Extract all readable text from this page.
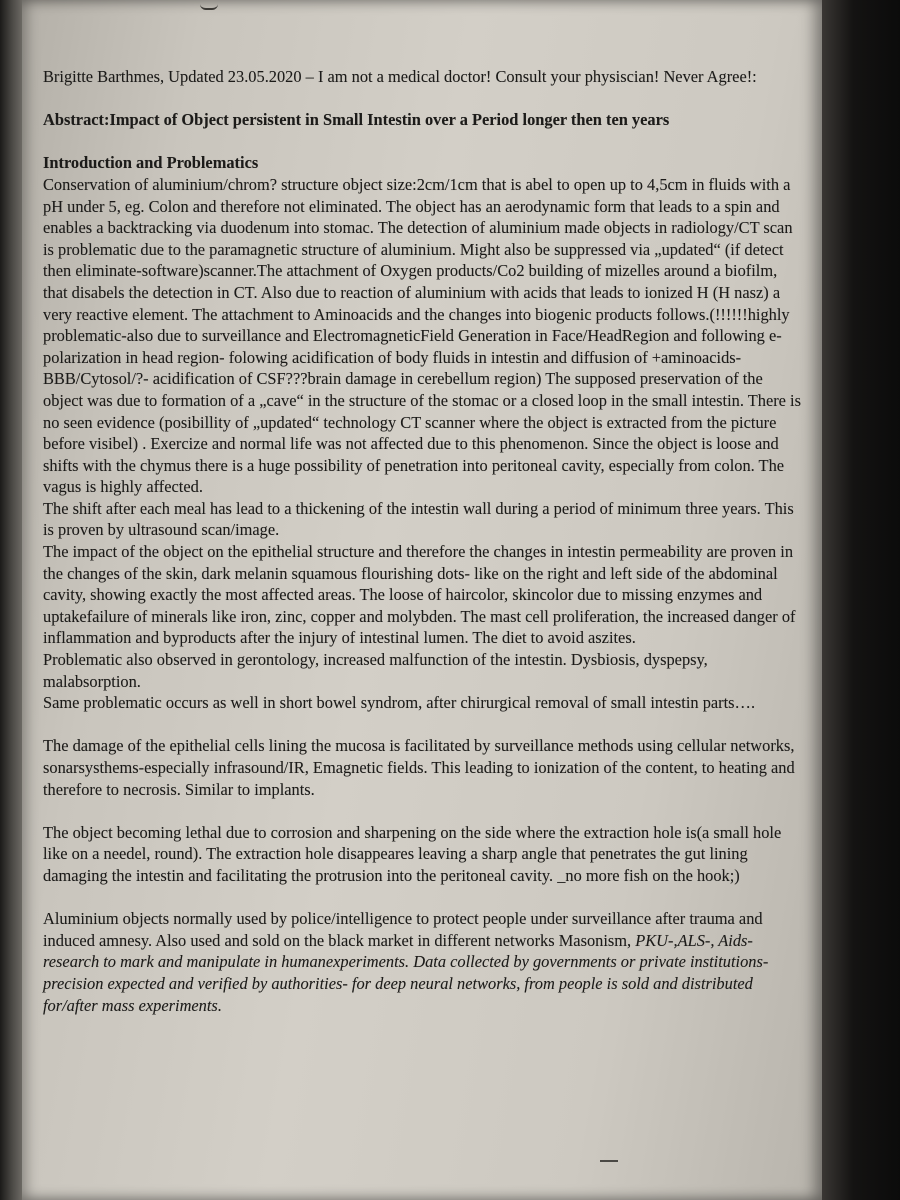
Brigitte Barthmes, Updated 23.05.2020 – I am not a medical doctor! Consult your physiscian! Never Agree!:

Abstract:Impact of Object persistent in Small Intestin over a Period longer then ten years

Introduction and Problematics

Conservation of aluminium/chrom? structure object size:2cm/1cm that is abel to open up to 4,5cm in fluids with a pH under 5, eg. Colon and therefore not eliminated. The object has an aerodynamic form that leads to a spin and enables a backtracking via duodenum into stomac. The detection of aluminium made objects in radiology/CT scan is problematic due to the paramagnetic structure of aluminium. Might also be suppressed via „updated“ (if detect then eliminate-software)scanner.The attachment of Oxygen products/Co2 building of mizelles around a biofilm, that disabels the detection in CT. Also due to reaction of aluminium with acids that leads to ionized H (H nasz) a very reactive element. The attachment to Aminoacids and the changes into biogenic products follows.(!!!!!!highly problematic-also due to surveillance and ElectromagneticField Generation in Face/HeadRegion and following e- polarization in head region- folowing acidification of body fluids in intestin and diffusion of +aminoacids-BBB/Cytosol/?- acidification of CSF???brain damage in cerebellum region) The supposed preservation of the object was due to formation of a „cave“ in the structure of the stomac or a closed loop in the small intestin. There is no seen evidence (posibillity of „updated“ technology CT scanner where the object is extracted from the picture before visibel) . Exercize and normal life was not affected due to this phenomenon. Since the object is loose and shifts with the chymus there is a huge possibility of penetration into peritoneal cavity, especially from colon. The vagus is highly affected.

The shift after each meal has lead to a thickening of the intestin wall during a period of minimum three years. This is proven by ultrasound scan/image.

The impact of the object on the epithelial structure and therefore the changes in intestin permeability are proven in the changes of the skin, dark melanin squamous flourishing dots- like on the right and left side of the abdominal cavity, showing exactly the most affected areas. The loose of haircolor, skincolor due to missing enzymes and uptakefailure of minerals like iron, zinc, copper and molybden. The mast cell proliferation, the increased danger of inflammation and byproducts after the injury of intestinal lumen. The diet to avoid aszites.

Problematic also observed in gerontology, increased malfunction of the intestin. Dysbiosis, dyspepsy, malabsorption.

Same problematic occurs as well in short bowel syndrom, after chirurgical removal of small intestin parts….

The damage of the epithelial cells lining the mucosa is facilitated by surveillance methods using cellular networks, sonarsysthems-especially infrasound/IR, Emagnetic fields. This leading to ionization of the content, to heating and therefore to necrosis. Similar to implants.

The object becoming lethal due to corrosion and sharpening on the side where the extraction hole is(a small hole like on a needel, round). The extraction hole disappeares leaving a sharp angle that penetrates the gut lining damaging the intestin and facilitating the protrusion into the peritoneal cavity. _no more fish on the hook;)

Aluminium objects normally used by police/intelligence to protect people under surveillance after trauma and induced amnesy. Also used and sold on the black market in different networks Masonism, PKU-,ALS-, Aids-research to mark and manipulate in humanexperiments. Data collected by governments or private institutions- precision expected and verified by authorities- for deep neural networks, from people is sold and distributed for/after mass experiments.
